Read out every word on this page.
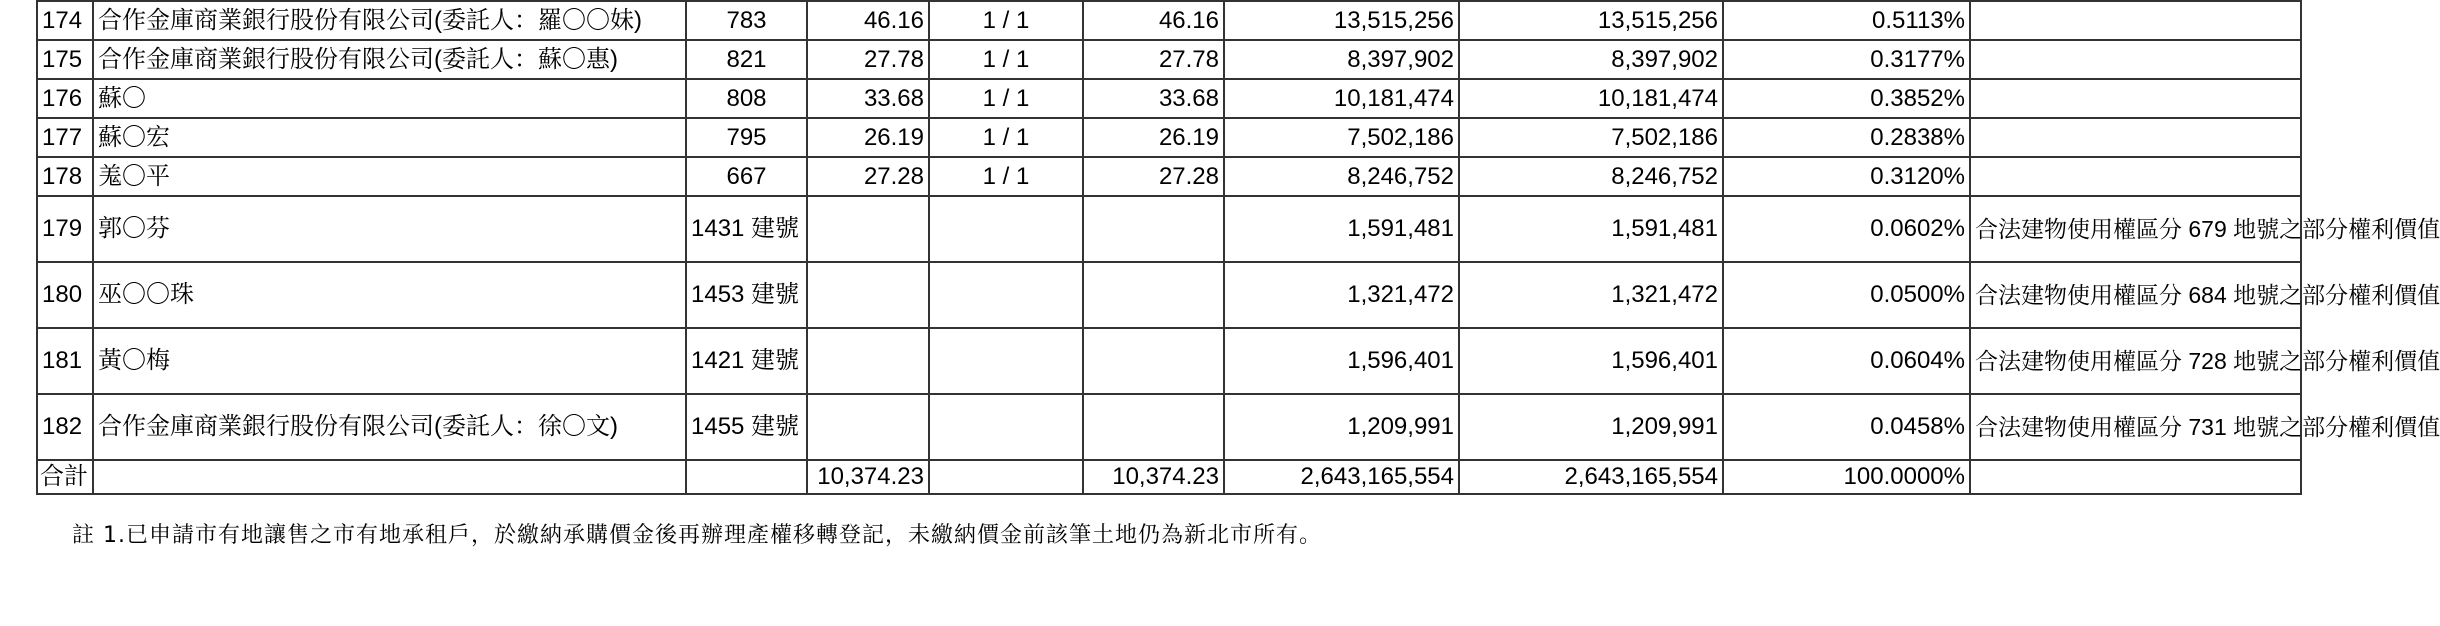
174	合作金庫商業銀行股份有限公司(委託人：羅〇〇妹)	783	46.16	1 / 1	46.16	13,515,256	13,515,256	0.5113%	
175	合作金庫商業銀行股份有限公司(委託人：蘇〇惠)	821	27.78	1 / 1	27.78	8,397,902	8,397,902	0.3177%	
176	蘇〇	808	33.68	1 / 1	33.68	10,181,474	10,181,474	0.3852%	
177	蘇〇宏	795	26.19	1 / 1	26.19	7,502,186	7,502,186	0.2838%	
178	羗〇平	667	27.28	1 / 1	27.28	8,246,752	8,246,752	0.3120%	
179	郭〇芬	1431 建號				1,591,481	1,591,481	0.0602%	合法建物使用權區分 679 地號之部分權利價值
180	巫〇〇珠	1453 建號				1,321,472	1,321,472	0.0500%	合法建物使用權區分 684 地號之部分權利價值
181	黃〇梅	1421 建號				1,596,401	1,596,401	0.0604%	合法建物使用權區分 728 地號之部分權利價值
182	合作金庫商業銀行股份有限公司(委託人：徐〇文)	1455 建號				1,209,991	1,209,991	0.0458%	合法建物使用權區分 731 地號之部分權利價值
合計			10,374.23		10,374.23	2,643,165,554	2,643,165,554	100.0000%	
註 1.已申請市有地讓售之市有地承租戶，於繳納承購價金後再辦理產權移轉登記，未繳納價金前該筆土地仍為新北市所有。
